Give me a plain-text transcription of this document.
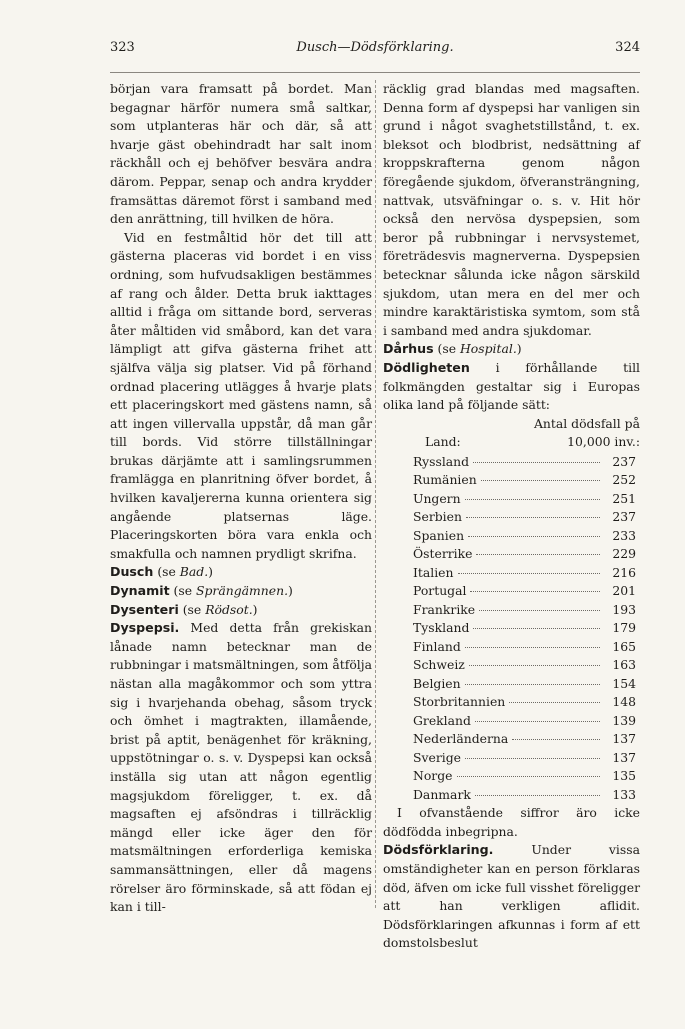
323	Dusch—Dödsförklaring.	324
början vara framsatt på bordet. Man begagnar härför numera små saltkar, som utplanteras här och där, så att hvarje gäst obehindradt har salt inom räckhåll och ej behöfver besvära andra därom. Peppar, senap och andra krydder framsättas däremot först i samband med den anrättning, till hvilken de höra.
Vid en festmåltid hör det till att gästerna placeras vid bordet i en viss ordning, som hufvudsakligen bestämmes af rang och ålder. Detta bruk iakttages alltid i fråga om sittande bord, serveras åter måltiden vid småbord, kan det vara lämpligt att gifva gästerna frihet att själfva välja sig platser. Vid på förhand ordnad placering utlägges å hvarje plats ett placeringskort med gästens namn, så att ingen villervalla uppstår, då man går till bords. Vid större tillställningar brukas därjämte att i samlingsrummen framlägga en planritning öfver bordet, å hvilken kavaljererna kunna orientera sig angående platsernas läge. Placeringskorten böra vara enkla och smakfulla och namnen prydligt skrifna.
Dusch (se Bad.)
Dynamit (se Sprängämnen.)
Dysenteri (se Rödsot.)
Dyspepsi. Med detta från grekiskan lånade namn betecknar man de rubbningar i matsmältningen, som åtfölja nästan alla magåkommor och som yttra sig i hvarjehanda obehag, såsom tryck och ömhet i magtrakten, illamående, brist på aptit, benägenhet för kräkning, uppstötningar o. s. v. Dyspepsi kan också inställa sig utan att någon egentlig magsjukdom föreligger, t. ex. då magsaften ej afsöndras i tillräcklig mängd eller icke äger den för matsmältningen erforderliga kemiska sammansättningen, eller då magens rörelser äro förminskade, så att födan ej kan i till-
räcklig grad blandas med magsaften. Denna form af dyspepsi har vanligen sin grund i något svaghetstillstånd, t. ex. bleksot och blodbrist, nedsättning af kroppskrafterna genom någon föregående sjukdom, öfveransträngning, nattvak, utsväfningar o. s. v. Hit hör också den nervösa dyspepsien, som beror på rubbningar i nervsystemet, företrädesvis magnerverna. Dyspepsien betecknar sålunda icke någon särskild sjukdom, utan mera en del mer och mindre karaktäristiska symtom, som stå i samband med andra sjukdomar.
Dårhus (se Hospital.)
Dödligheten i förhållande till folkmängden gestaltar sig i Europas olika land på följande sätt:
Antal dödsfall på
Land:	10,000 inv.:
Ryssland	237
Rumänien	252
Ungern	251
Serbien	237
Spanien	233
Österrike	229
Italien	216
Portugal	201
Frankrike	193
Tyskland	179
Finland	165
Schweiz	163
Belgien	154
Storbritannien	148
Grekland	139
Nederländerna	137
Sverige	137
Norge	135
Danmark	133
I ofvanstående siffror äro icke dödfödda inbegripna.
Dödsförklaring. Under vissa omständigheter kan en person förklaras död, äfven om icke full visshet föreligger att han verkligen aflidit. Dödsförklaringen afkunnas i form af ett domstolsbeslut
